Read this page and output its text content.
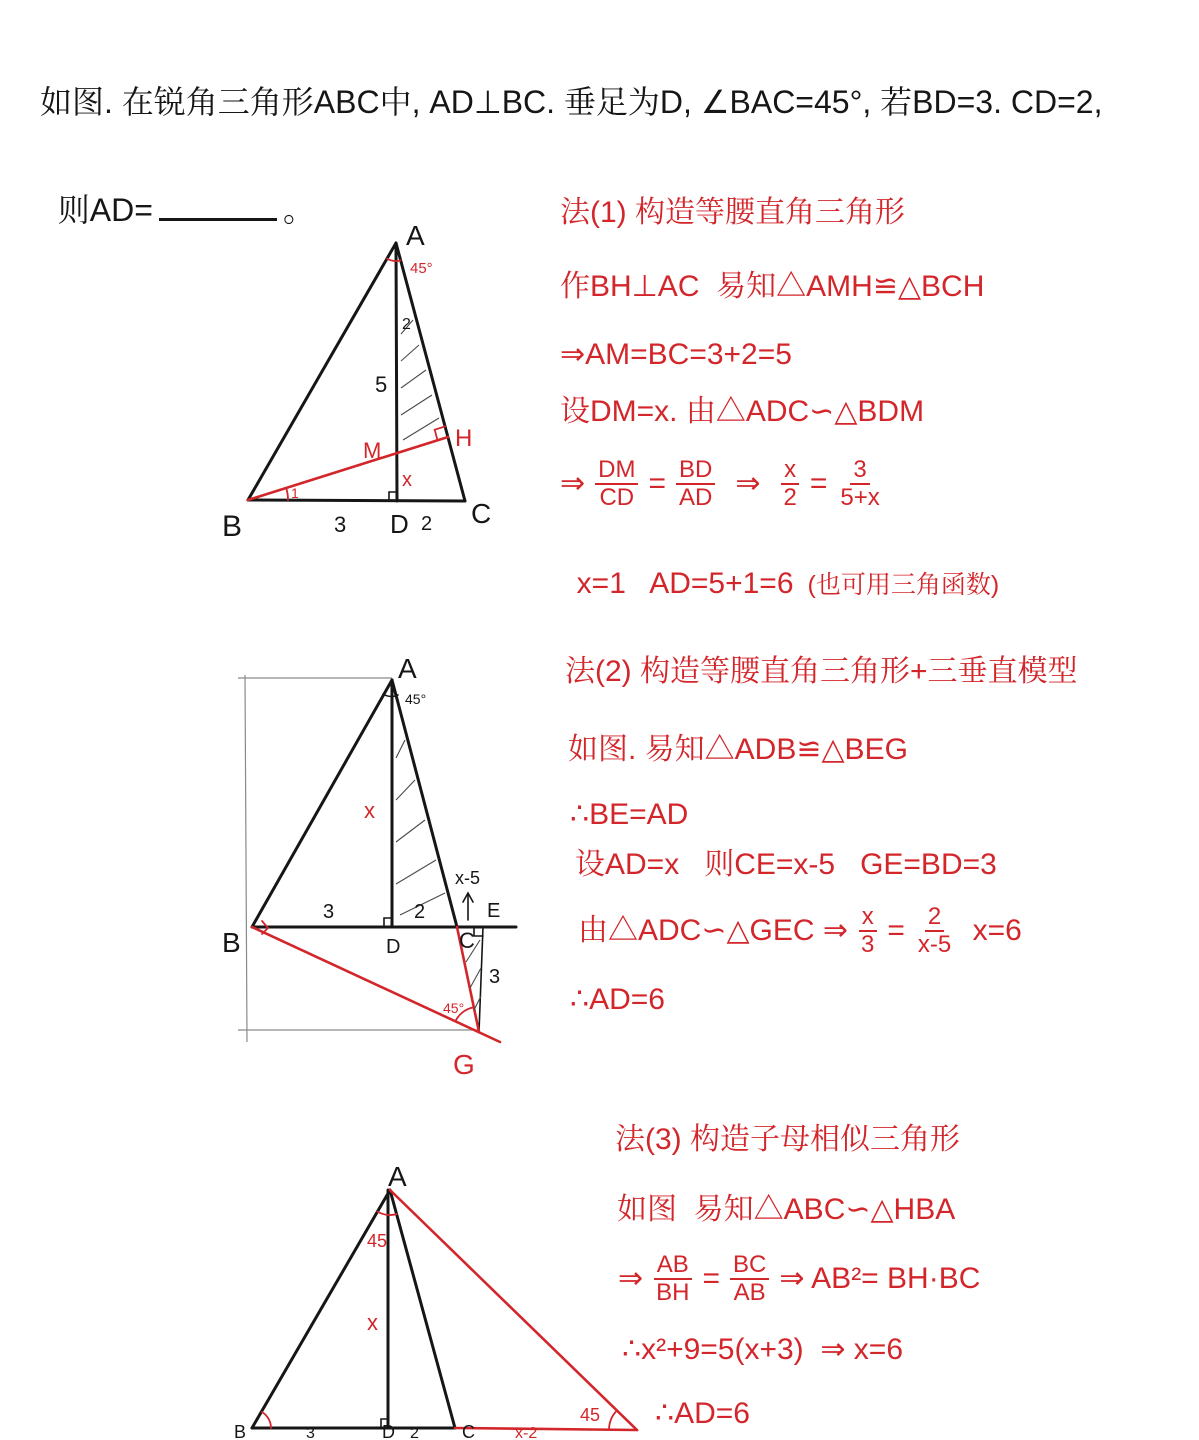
A
45°
2
5
M	H
x
1
B	3 D 2 C
A
45°
x
x-5
E
B
3
D
2
C
3
45°
G
A
45
x
45
B	3	D 2 C	x-2
如图. 在锐角三角形ABC中, AD⊥BC. 垂足为D, ∠BAC=45°, 若BD=3. CD=2,

则AD=	。	法(1) 构造等腰直角三角形
作BH⊥AC  易知△AMH≌△BCH
⇒AM=BC=3+2=5
设DM=x. 由△ADC∽△BDM
⇒ $\frac{DM}{CD} = \frac{BD}{AD}$ ⇒ $\frac{x}{2} = \frac{3}{5+x}$

x=1   AD=5+1=6 (也可用三角函数)

法(2) 构造等腰直角三角形+三垂直模型
如图. 易知△ADB≌△BEG
∴BE=AD
设AD=x   则CE=x-5   GE=BD=3
由△ADC∽△GEC ⇒ $\frac{x}{3} = \frac{2}{x-5} x=6$
∴AD=6
法(3) 构造子母相似三角形
如图  易知△ABC∽△HBA
⇒ $\frac{AB}{BH} = \frac{BC}{AB}$ ⇒ AB²= BH·BC
∴x²+9=5(x+3)  ⇒ x=6
∴AD=6
